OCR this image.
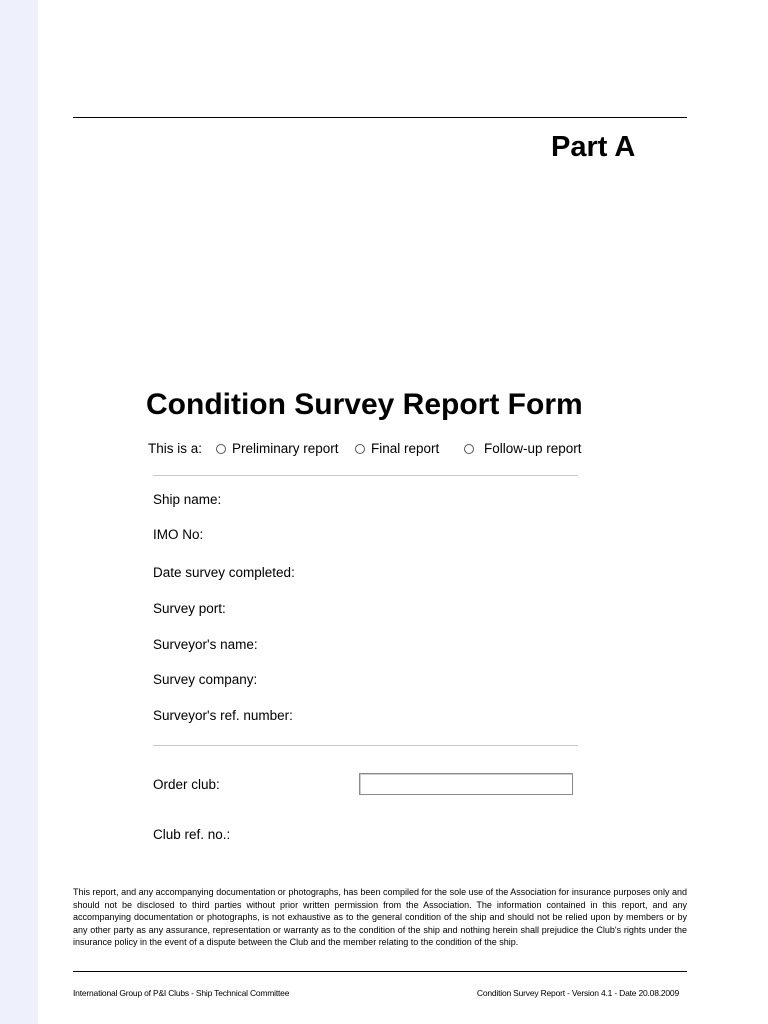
Part A
Condition Survey Report Form
This is a: Preliminary report Final report	Follow-up report
Ship name:
IMO No:
Date survey completed:
Survey port:
Surveyor's name:
Survey company:
Surveyor's ref. number:
Order club:
Club ref. no.:

This report, and any accompanying documentation or photographs, has been compiled for the sole use of the Association for insurance purposes only and should not be disclosed to third parties without prior written permission from the Association. The information contained in this report, and any accompanying documentation or photographs, is not exhaustive as to the general condition of the ship and should not be relied upon by members or by any other party as any assurance, representation or warranty as to the condition of the ship and nothing herein shall prejudice the Club's rights under the insurance policy in the event of a dispute between the Club and the member relating to the condition of the ship.

International Group of P&I Clubs - Ship Technical Committee	Condition Survey Report - Version 4.1 - Date 20.08.2009
